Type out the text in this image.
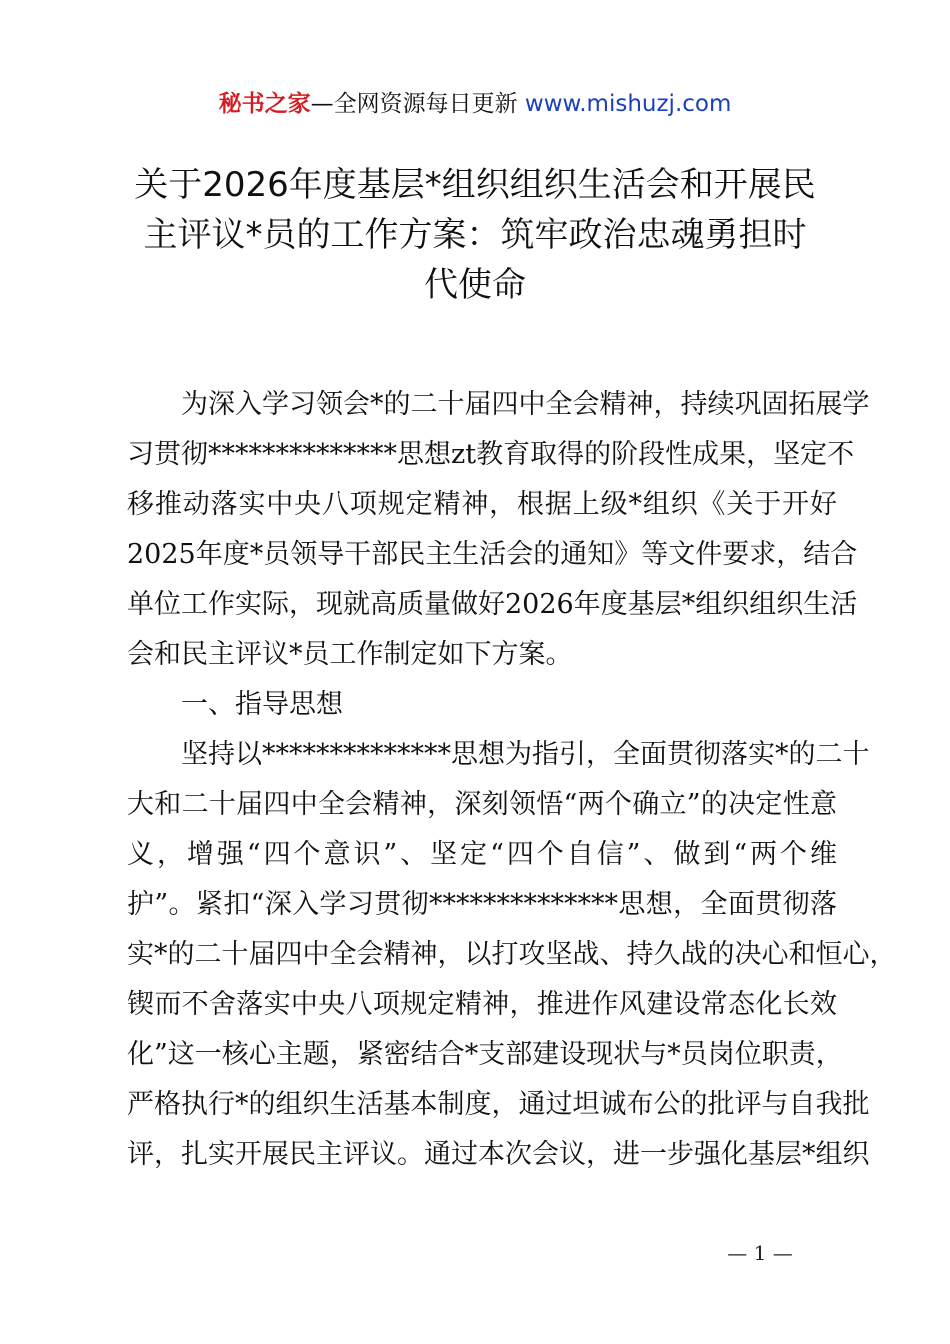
秘书之家—全网资源每日更新 www.mishuzj.com
关于2026年度基层*组织组织生活会和开展民
主评议*员的工作方案：筑牢政治忠魂勇担时
代使命
为深入学习领会*的二十届四中全会精神，持续巩固拓展学
习贯彻**************思想zt教育取得的阶段性成果，坚定不
移推动落实中央八项规定精神，根据上级*组织《关于开好
2025年度*员领导干部民主生活会的通知》等文件要求，结合
单位工作实际，现就高质量做好2026年度基层*组织组织生活
会和民主评议*员工作制定如下方案。
一、指导思想
坚持以**************思想为指引，全面贯彻落实*的二十
大和二十届四中全会精神，深刻领悟“两个确立”的决定性意
义，增强“四个意识”、坚定“四个自信”、做到“两个维
护”。紧扣“深入学习贯彻**************思想，全面贯彻落
实*的二十届四中全会精神，以打攻坚战、持久战的决心和恒心，
锲而不舍落实中央八项规定精神，推进作风建设常态化长效
化”这一核心主题，紧密结合*支部建设现状与*员岗位职责，
严格执行*的组织生活基本制度，通过坦诚布公的批评与自我批
评，扎实开展民主评议。通过本次会议，进一步强化基层*组织
— 1 —
